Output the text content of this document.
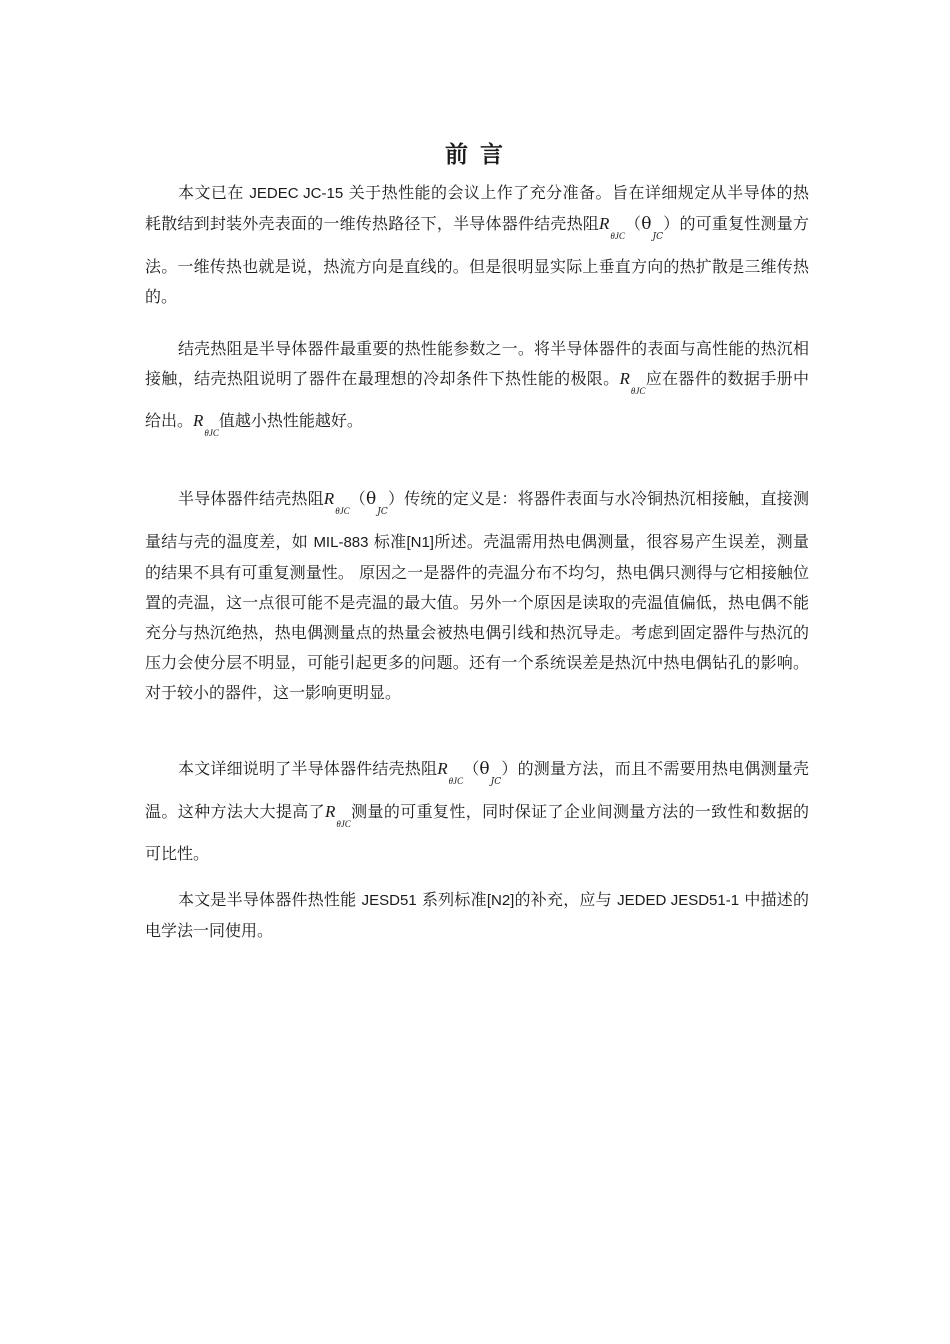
前 言
本文已在 JEDEC JC-15 关于热性能的会议上作了充分准备。旨在详细规定从半导体的热耗散结到封装外壳表面的一维传热路径下，半导体器件结壳热阻$R_{\theta JC}(\theta_{JC})$的可重复性测量方法。一维传热也就是说，热流方向是直线的。但是很明显实际上垂直方向的热扩散是三维传热的。
结壳热阻是半导体器件最重要的热性能参数之一。将半导体器件的表面与高性能的热沉相接触，结壳热阻说明了器件在最理想的冷却条件下热性能的极限。$R_{\theta JC}$应在器件的数据手册中给出。$R_{\theta JC}$值越小热性能越好。
半导体器件结壳热阻$R_{\theta JC}(\theta_{JC})$传统的定义是：将器件表面与水冷铜热沉相接触，直接测量结与壳的温度差，如 MIL-883 标准[N1]所述。壳温需用热电偶测量，很容易产生误差，测量的结果不具有可重复测量性。 原因之一是器件的壳温分布不均匀，热电偶只测得与它相接触位置的壳温，这一点很可能不是壳温的最大值。另外一个原因是读取的壳温值偏低，热电偶不能充分与热沉绝热，热电偶测量点的热量会被热电偶引线和热沉导走。考虑到固定器件与热沉的压力会使分层不明显，可能引起更多的问题。还有一个系统误差是热沉中热电偶钻孔的影响。对于较小的器件，这一影响更明显。
本文详细说明了半导体器件结壳热阻$R_{\theta JC}(\theta_{JC})$的测量方法，而且不需要用热电偶测量壳温。这种方法大大提高了$R_{\theta JC}$测量的可重复性，同时保证了企业间测量方法的一致性和数据的可比性。
本文是半导体器件热性能 JESD51 系列标准[N2]的补充，应与 JEDED JESD51-1 中描述的电学法一同使用。
